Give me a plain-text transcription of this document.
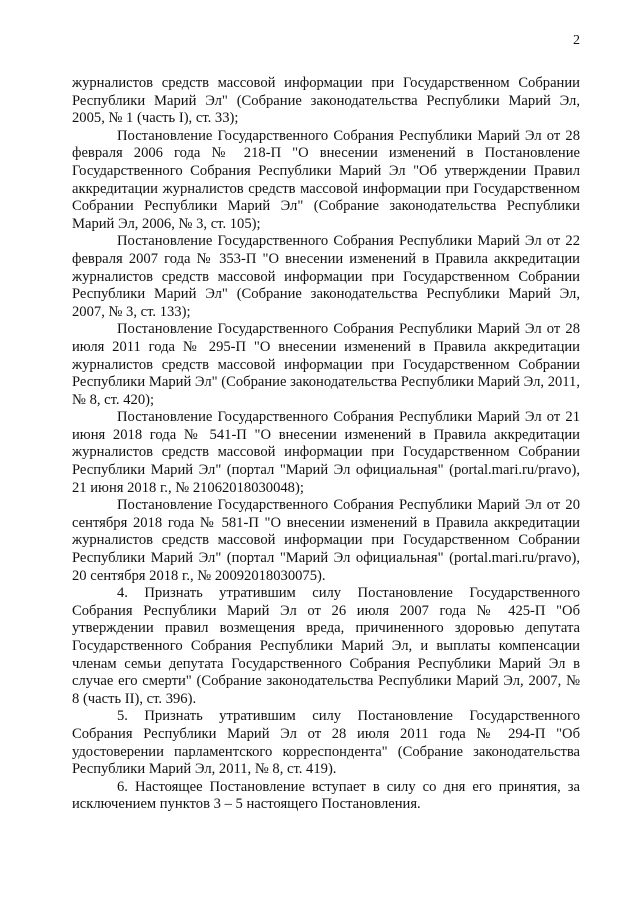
2

журналистов средств массовой информации при Государственном Собрании Республики Марий Эл" (Собрание законодательства Республики Марий Эл, 2005, № 1 (часть I), ст. 33);

Постановление Государственного Собрания Республики Марий Эл от 28 февраля 2006 года № 218-П "О внесении изменений в Постановление Государственного Собрания Республики Марий Эл "Об утверждении Правил аккредитации журналистов средств массовой информации при Государственном Собрании Республики Марий Эл" (Собрание законодательства Республики Марий Эл, 2006, № 3, ст. 105);

Постановление Государственного Собрания Республики Марий Эл от 22 февраля 2007 года № 353-П "О внесении изменений в Правила аккредитации журналистов средств массовой информации при Государственном Собрании Республики Марий Эл" (Собрание законодательства Республики Марий Эл, 2007, № 3, ст. 133);

Постановление Государственного Собрания Республики Марий Эл от 28 июля 2011 года № 295-П "О внесении изменений в Правила аккредитации журналистов средств массовой информации при Государственном Собрании Республики Марий Эл" (Собрание законодательства Республики Марий Эл, 2011, № 8, ст. 420);

Постановление Государственного Собрания Республики Марий Эл от 21 июня 2018 года № 541-П "О внесении изменений в Правила аккредитации журналистов средств массовой информации при Государственном Собрании Республики Марий Эл" (портал "Марий Эл официальная" (portal.mari.ru/pravo), 21 июня 2018 г., № 21062018030048);

Постановление Государственного Собрания Республики Марий Эл от 20 сентября 2018 года № 581-П "О внесении изменений в Правила аккредитации журналистов средств массовой информации при Государственном Собрании Республики Марий Эл" (портал "Марий Эл официальная" (portal.mari.ru/pravo), 20 сентября 2018 г., № 20092018030075).

4. Признать утратившим силу Постановление Государственного Собрания Республики Марий Эл от 26 июля 2007 года № 425-П "Об утверждении правил возмещения вреда, причиненного здоровью депутата Государственного Собрания Республики Марий Эл, и выплаты компенсации членам семьи депутата Государственного Собрания Республики Марий Эл в случае его смерти" (Собрание законодательства Республики Марий Эл, 2007, № 8 (часть II), ст. 396).

5. Признать утратившим силу Постановление Государственного Собрания Республики Марий Эл от 28 июля 2011 года № 294-П "Об удостоверении парламентского корреспондента" (Собрание законодательства Республики Марий Эл, 2011, № 8, ст. 419).

6. Настоящее Постановление вступает в силу со дня его принятия, за исключением пунктов 3 – 5 настоящего Постановления.
